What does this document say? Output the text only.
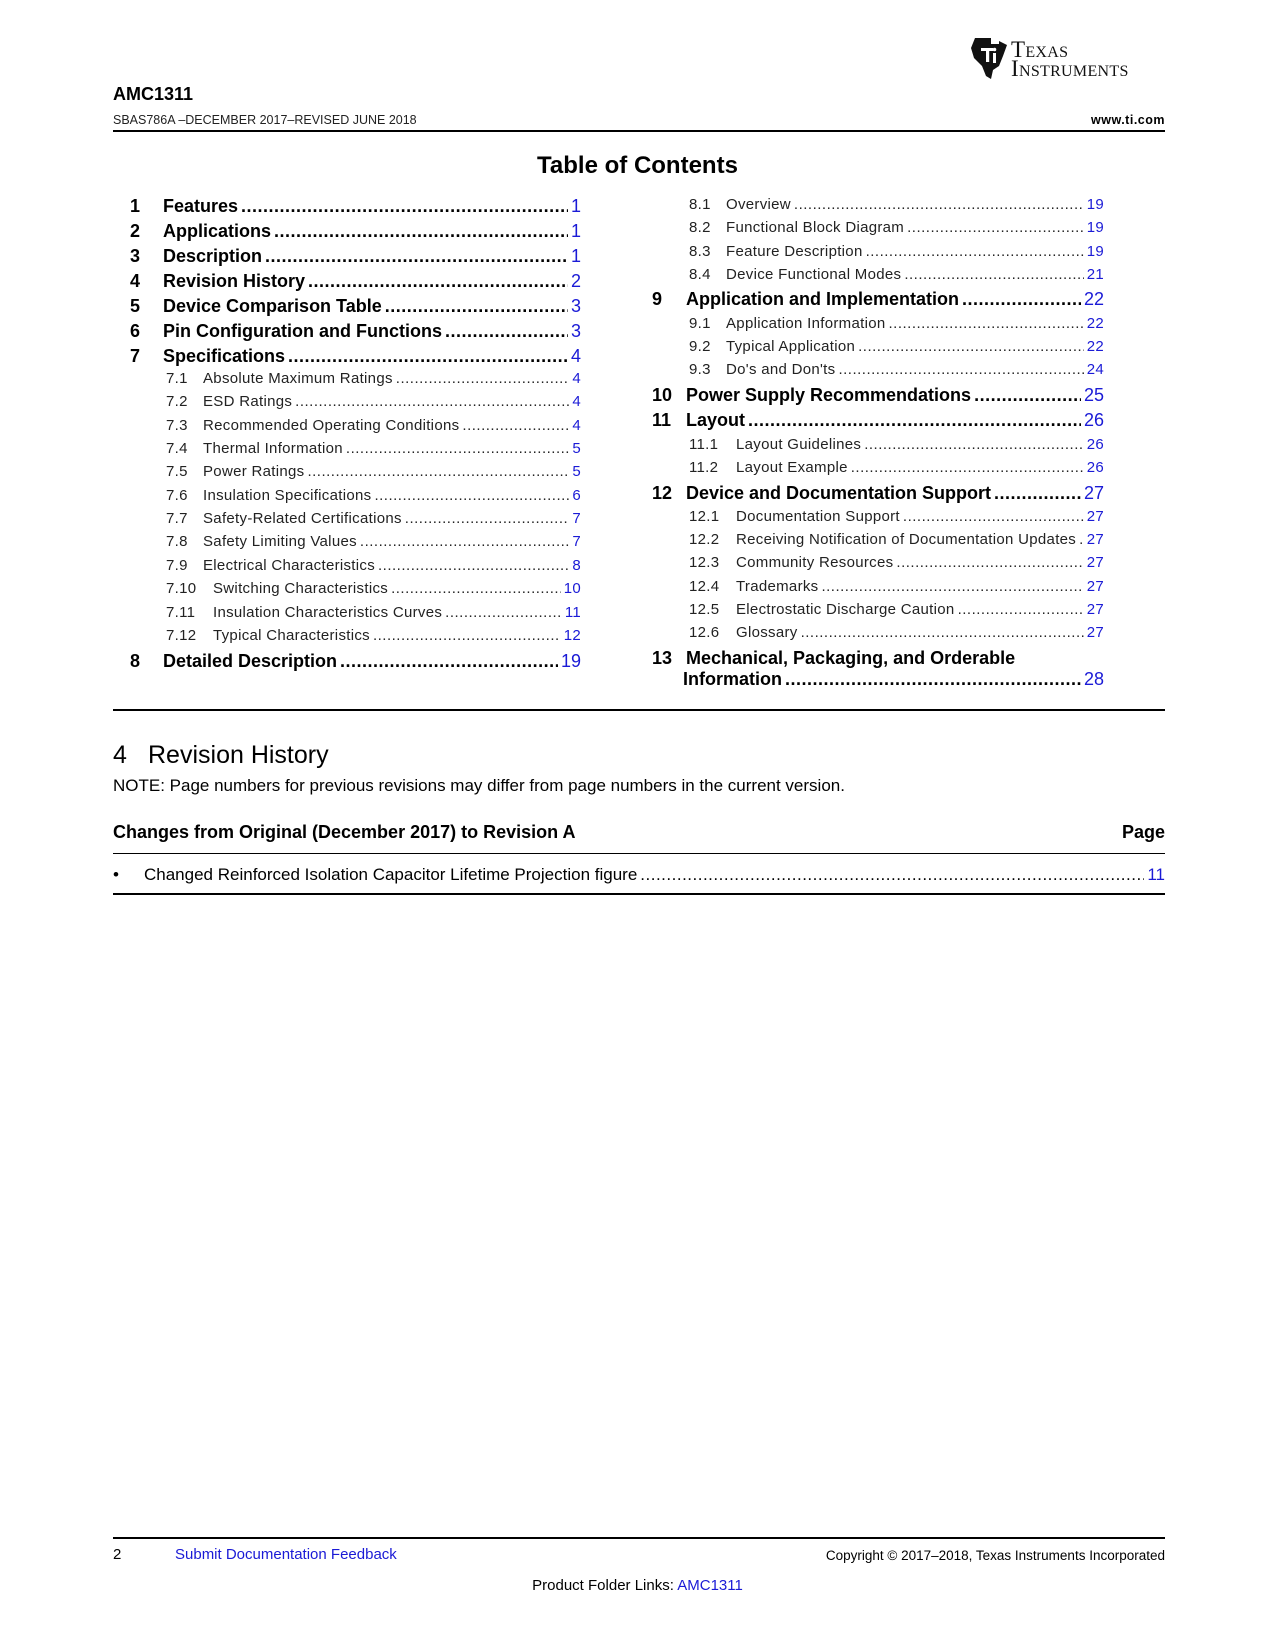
Texas
Instruments
AMC1311
SBAS786A –DECEMBER 2017–REVISED JUNE 2018	www.ti.com
Table of Contents
1	Features .....	1
2	Applications .....	1
3	Description .....	1
4	Revision History .....	2
5	Device Comparison Table .....	3
6	Pin Configuration and Functions .....	3
7	Specifications .....	4
7.1	Absolute Maximum Ratings .....	4
7.2	ESD Ratings .....	4
7.3	Recommended Operating Conditions .....	4
7.4	Thermal Information .....	5
7.5	Power Ratings .....	5
7.6	Insulation Specifications .....	6
7.7	Safety-Related Certifications .....	7
7.8	Safety Limiting Values .....	7
7.9	Electrical Characteristics .....	8
7.10	Switching Characteristics .....	10
7.11	Insulation Characteristics Curves .....	11
7.12	Typical Characteristics .....	12
8	Detailed Description .....	19
8.1	Overview .....	19
8.2	Functional Block Diagram .....	19
8.3	Feature Description .....	19
8.4	Device Functional Modes .....	21
9	Application and Implementation .....	22
9.1	Application Information .....	22
9.2	Typical Application .....	22
9.3	Do's and Don'ts .....	24
10 Power Supply Recommendations .....	25
11 Layout .....	26
11.1	Layout Guidelines .....	26
11.2	Layout Example .....	26
12 Device and Documentation Support .....	27
12.1	Documentation Support .....	27
12.2	Receiving Notification of Documentation Updates ..... 27
12.3	Community Resources .....	27
12.4	Trademarks .....	27
12.5	Electrostatic Discharge Caution .....	27
12.6	Glossary .....	27
13 Mechanical, Packaging, and Orderable
Information .....	28
4 Revision History
NOTE: Page numbers for previous revisions may differ from page numbers in the current version.
Changes from Original (December 2017) to Revision A	Page
•	Changed Reinforced Isolation Capacitor Lifetime Projection figure .....	11
2	Submit Documentation Feedback	Copyright © 2017–2018, Texas Instruments Incorporated
Product Folder Links: AMC1311
